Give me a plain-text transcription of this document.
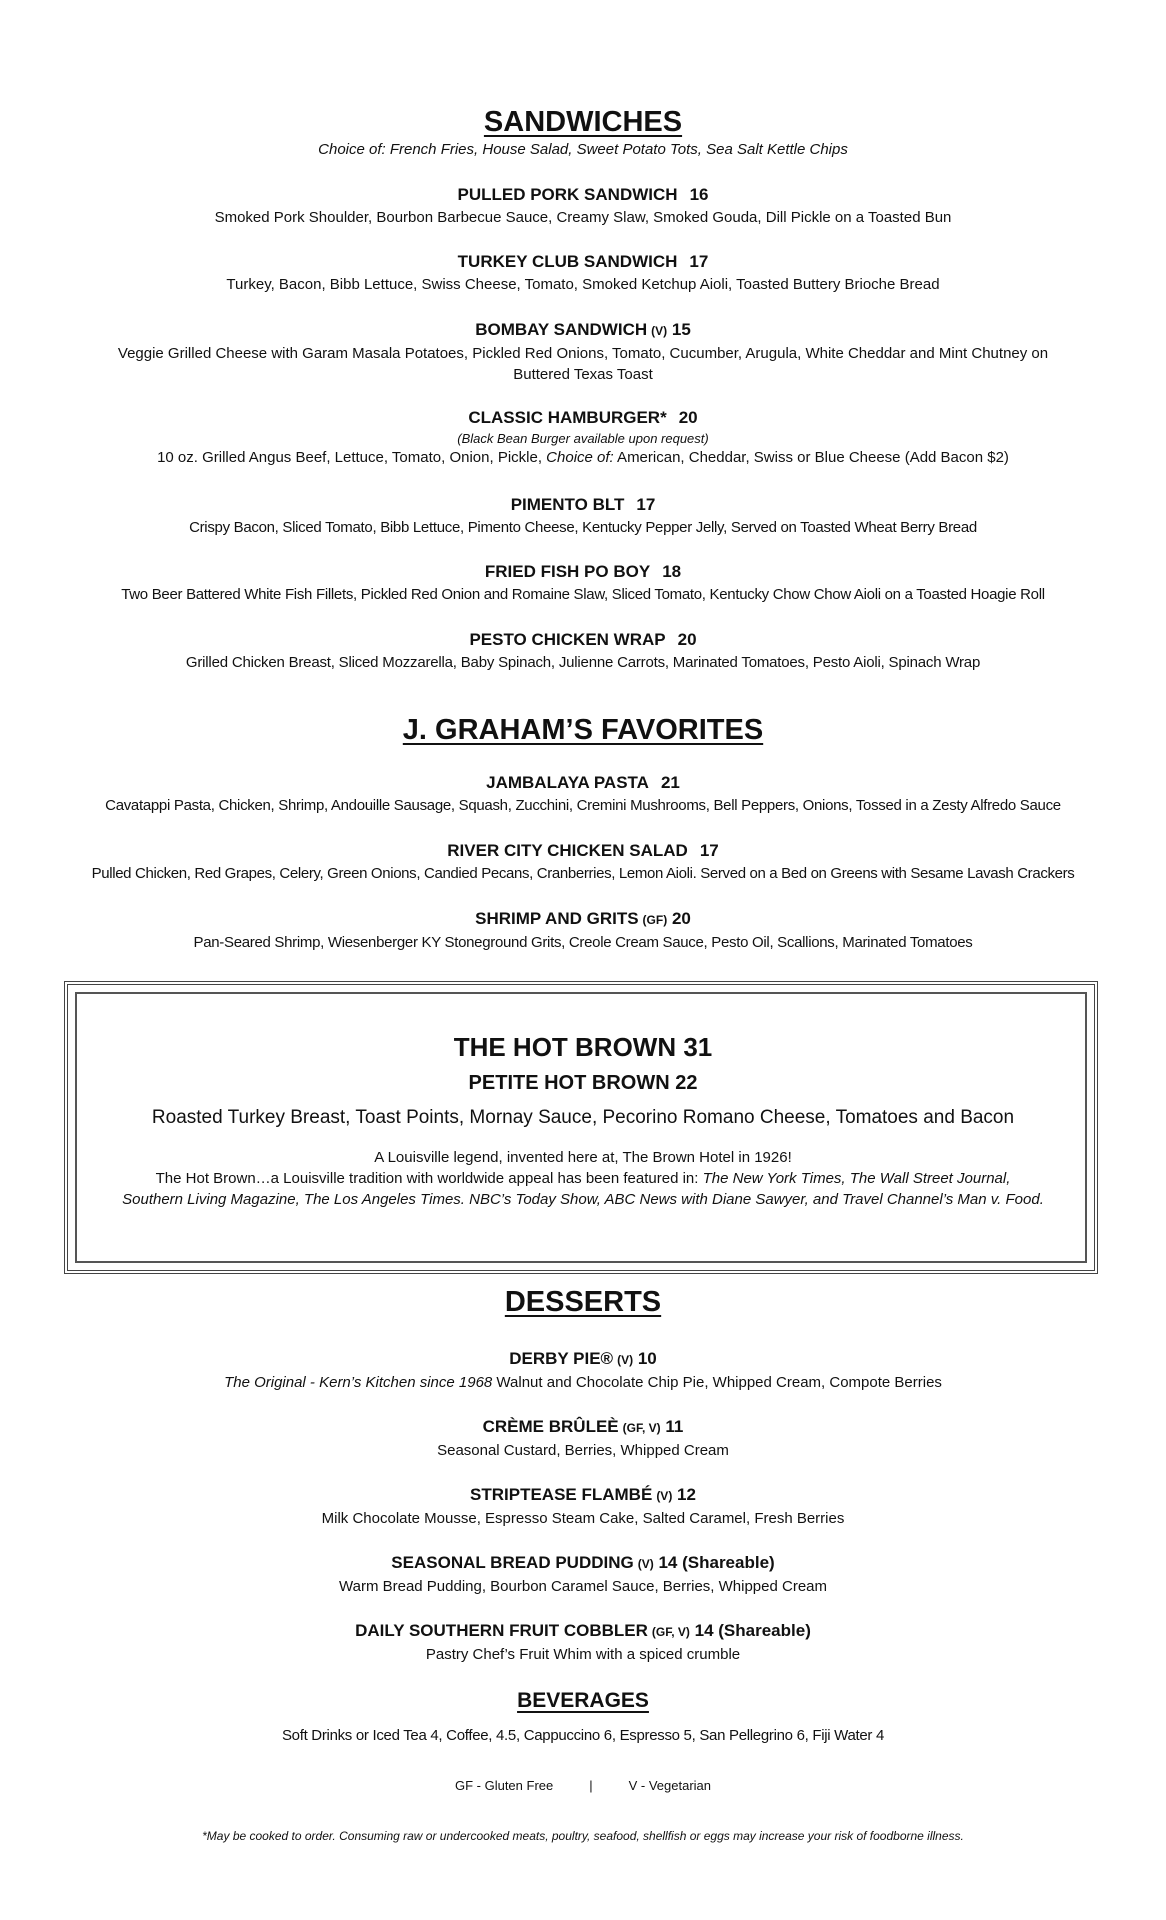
SANDWICHES

Choice of: French Fries, House Salad, Sweet Potato Tots, Sea Salt Kettle Chips

PULLED PORK SANDWICH 16

Smoked Pork Shoulder, Bourbon Barbecue Sauce, Creamy Slaw, Smoked Gouda, Dill Pickle on a Toasted Bun

TURKEY CLUB SANDWICH 17

Turkey, Bacon, Bibb Lettuce, Swiss Cheese, Tomato, Smoked Ketchup Aioli, Toasted Buttery Brioche Bread

BOMBAY SANDWICH (V) 15

Veggie Grilled Cheese with Garam Masala Potatoes, Pickled Red Onions, Tomato, Cucumber, Arugula, White Cheddar and Mint Chutney on Buttered Texas Toast

CLASSIC HAMBURGER* 20

(Black Bean Burger available upon request)

10 oz. Grilled Angus Beef, Lettuce, Tomato, Onion, Pickle, Choice of: American, Cheddar, Swiss or Blue Cheese (Add Bacon $2)

PIMENTO BLT 17

Crispy Bacon, Sliced Tomato, Bibb Lettuce, Pimento Cheese, Kentucky Pepper Jelly, Served on Toasted Wheat Berry Bread

FRIED FISH PO BOY 18

Two Beer Battered White Fish Fillets, Pickled Red Onion and Romaine Slaw, Sliced Tomato, Kentucky Chow Chow Aioli on a Toasted Hoagie Roll

PESTO CHICKEN WRAP 20

Grilled Chicken Breast, Sliced Mozzarella, Baby Spinach, Julienne Carrots, Marinated Tomatoes, Pesto Aioli, Spinach Wrap

J. GRAHAM’S FAVORITES

JAMBALAYA PASTA 21

Cavatappi Pasta, Chicken, Shrimp, Andouille Sausage, Squash, Zucchini, Cremini Mushrooms, Bell Peppers, Onions, Tossed in a Zesty Alfredo Sauce

RIVER CITY CHICKEN SALAD 17

Pulled Chicken, Red Grapes, Celery, Green Onions, Candied Pecans, Cranberries, Lemon Aioli. Served on a Bed on Greens with Sesame Lavash Crackers

SHRIMP AND GRITS (GF) 20

Pan-Seared Shrimp, Wiesenberger KY Stoneground Grits, Creole Cream Sauce, Pesto Oil, Scallions, Marinated Tomatoes

THE HOT BROWN 31

PETITE HOT BROWN 22

Roasted Turkey Breast, Toast Points, Mornay Sauce, Pecorino Romano Cheese, Tomatoes and Bacon

A Louisville legend, invented here at, The Brown Hotel in 1926!

The Hot Brown…a Louisville tradition with worldwide appeal has been featured in: The New York Times, The Wall Street Journal,

Southern Living Magazine, The Los Angeles Times. NBC’s Today Show, ABC News with Diane Sawyer, and Travel Channel’s Man v. Food.

DESSERTS

DERBY PIE® (V) 10

The Original - Kern’s Kitchen since 1968 Walnut and Chocolate Chip Pie, Whipped Cream, Compote Berries

CRÈME BRÛLEÈ (GF, V) 11

Seasonal Custard, Berries, Whipped Cream

STRIPTEASE FLAMBÉ (V) 12

Milk Chocolate Mousse, Espresso Steam Cake, Salted Caramel, Fresh Berries

SEASONAL BREAD PUDDING (V) 14 (Shareable)

Warm Bread Pudding, Bourbon Caramel Sauce, Berries, Whipped Cream

DAILY SOUTHERN FRUIT COBBLER (GF, V) 14 (Shareable)

Pastry Chef’s Fruit Whim with a spiced crumble

BEVERAGES

Soft Drinks or Iced Tea 4, Coffee, 4.5, Cappuccino 6, Espresso 5, San Pellegrino 6, Fiji Water 4

GF - Gluten Free	|	V - Vegetarian

*May be cooked to order. Consuming raw or undercooked meats, poultry, seafood, shellfish or eggs may increase your risk of foodborne illness.
